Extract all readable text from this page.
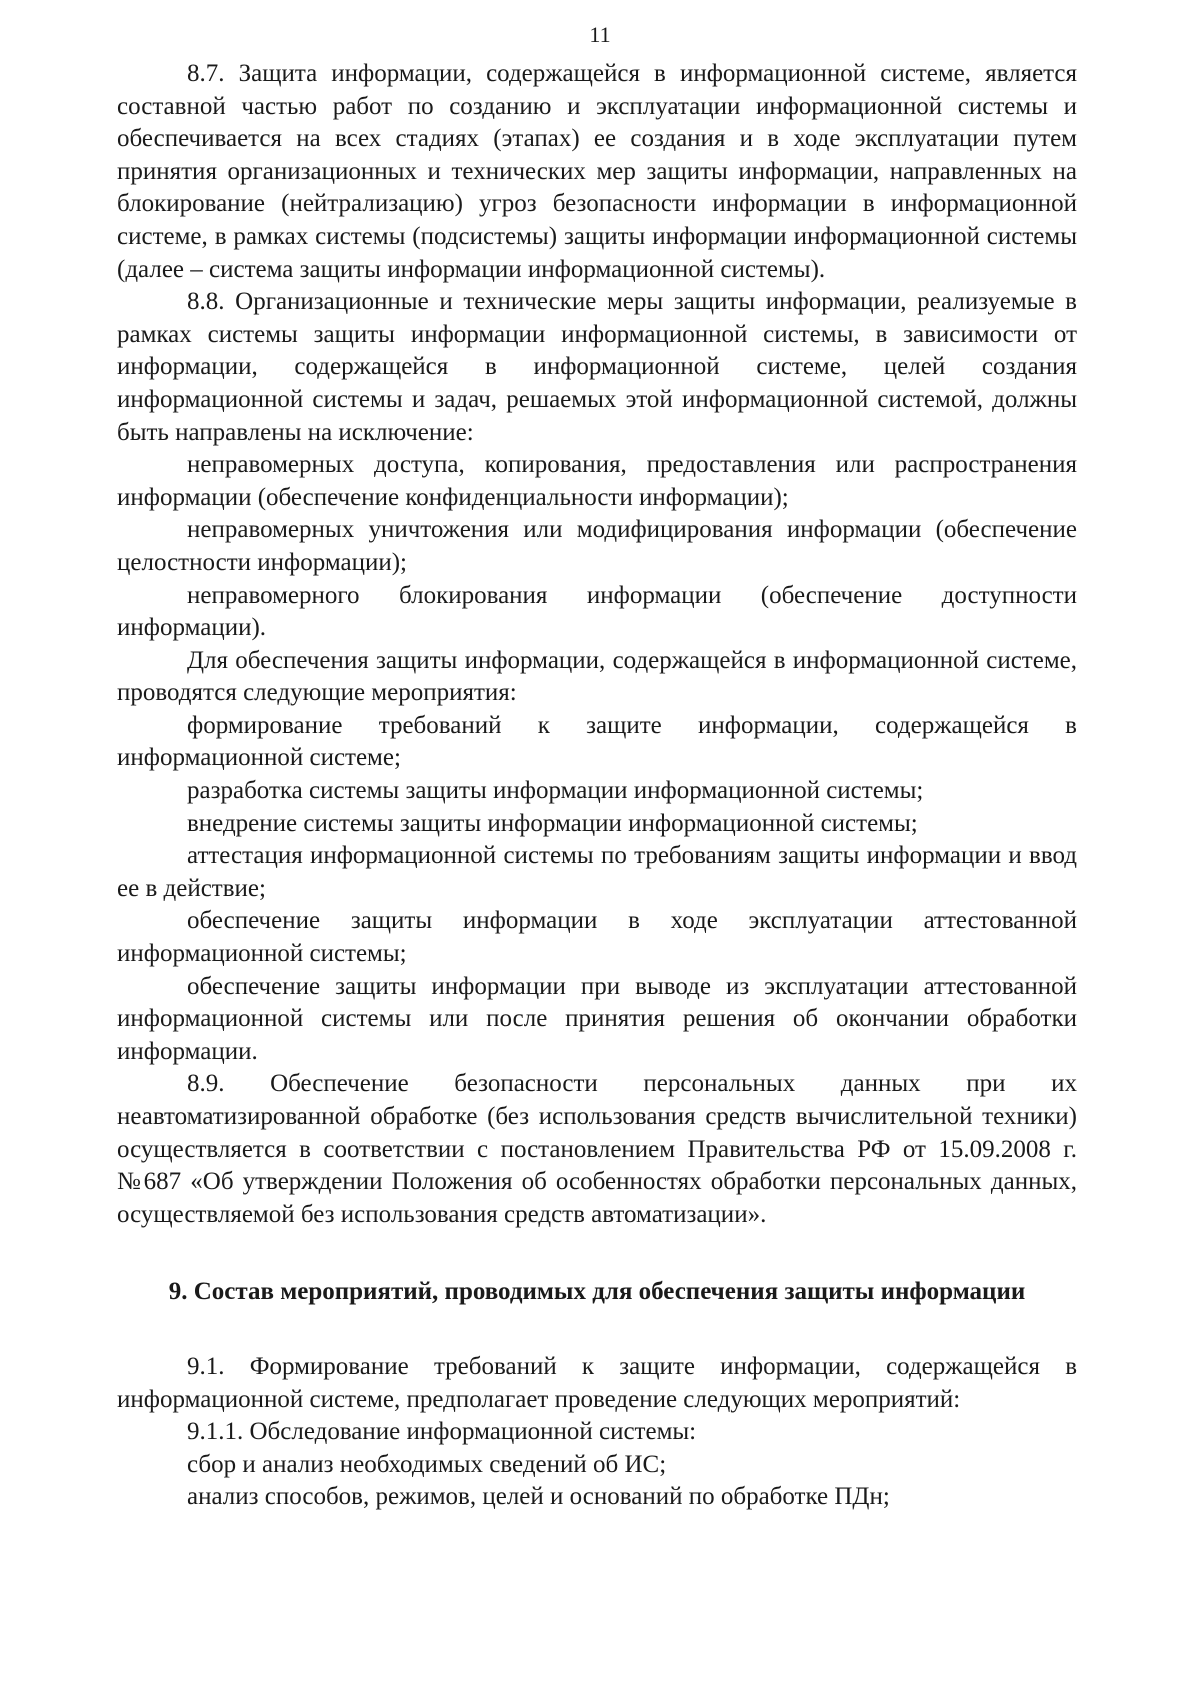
11

8.7. Защита информации, содержащейся в информационной системе, является составной частью работ по созданию и эксплуатации информационной системы и обеспечивается на всех стадиях (этапах) ее создания и в ходе эксплуатации путем принятия организационных и технических мер защиты информации, направленных на блокирование (нейтрализацию) угроз безопасности информации в информационной системе, в рамках системы (подсистемы) защиты информации информационной системы (далее – система защиты информации информационной системы).

8.8. Организационные и технические меры защиты информации, реализуемые в рамках системы защиты информации информационной системы, в зависимости от информации, содержащейся в информационной системе, целей создания информационной системы и задач, решаемых этой информационной системой, должны быть направлены на исключение:

неправомерных доступа, копирования, предоставления или распространения информации (обеспечение конфиденциальности информации);

неправомерных уничтожения или модифицирования информации (обеспечение целостности информации);

неправомерного блокирования информации (обеспечение доступности информации).

Для обеспечения защиты информации, содержащейся в информационной системе, проводятся следующие мероприятия:

формирование требований к защите информации, содержащейся в информационной системе;

разработка системы защиты информации информационной системы;

внедрение системы защиты информации информационной системы;

аттестация информационной системы по требованиям защиты информации и ввод ее в действие;

обеспечение защиты информации в ходе эксплуатации аттестованной информационной системы;

обеспечение защиты информации при выводе из эксплуатации аттестованной информационной системы или после принятия решения об окончании обработки информации.

8.9. Обеспечение безопасности персональных данных при их неавтоматизированной обработке (без использования средств вычислительной техники) осуществляется в соответствии с постановлением Правительства РФ от 15.09.2008 г. №687 «Об утверждении Положения об особенностях обработки персональных данных, осуществляемой без использования средств автоматизации».

9. Состав мероприятий, проводимых для обеспечения защиты информации

9.1. Формирование требований к защите информации, содержащейся в информационной системе, предполагает проведение следующих мероприятий:

9.1.1. Обследование информационной системы:

сбор и анализ необходимых сведений об ИС;

анализ способов, режимов, целей и оснований по обработке ПДн;
